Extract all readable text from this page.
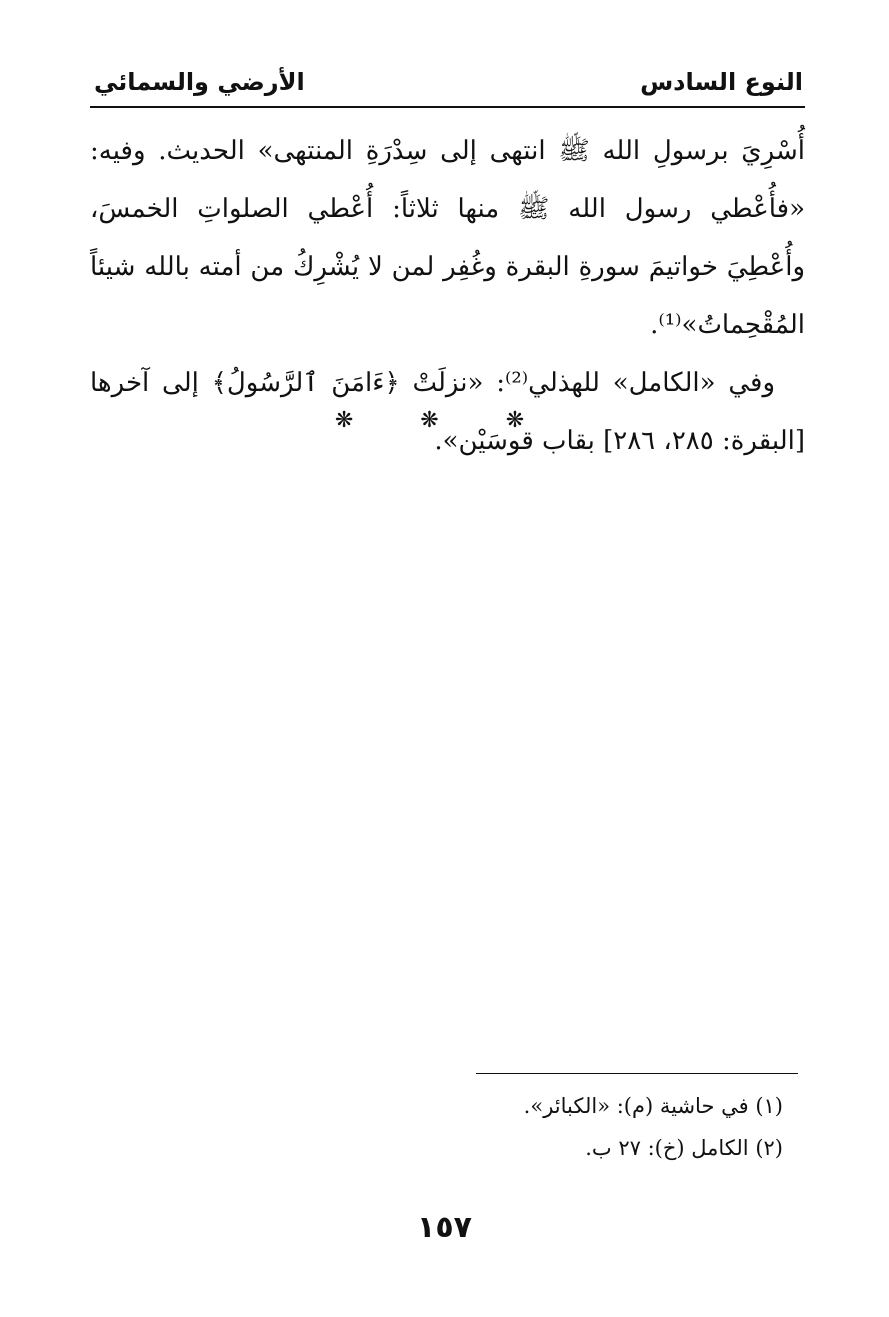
النوع السادس
الأرضي والسمائي

أُسْرِيَ برسولِ الله ﷺ انتهى إلى سِدْرَةِ المنتهى» الحديث. وفيه: «فأُعْطي رسول الله ﷺ منها ثلاثاً: أُعْطي الصلواتِ الخمسَ، وأُعْطِيَ خواتيمَ سورةِ البقرة وغُفِر لمن لا يُشْرِكُ من أمته بالله شيئاً المُقْحِماتُ»⁽¹⁾.

وفي «الكامل» للهذلي⁽²⁾: «نزلَتْ ﴿ءَامَنَ ٱلرَّسُولُ﴾ إلى آخرها [البقرة: ٢٨٥، ٢٨٦] بقاب قوسَيْن».

❋ ❋ ❋

(١) في حاشية (م): «الكبائر».

(٢) الكامل (خ): ٢٧ ب.

١٥٧
